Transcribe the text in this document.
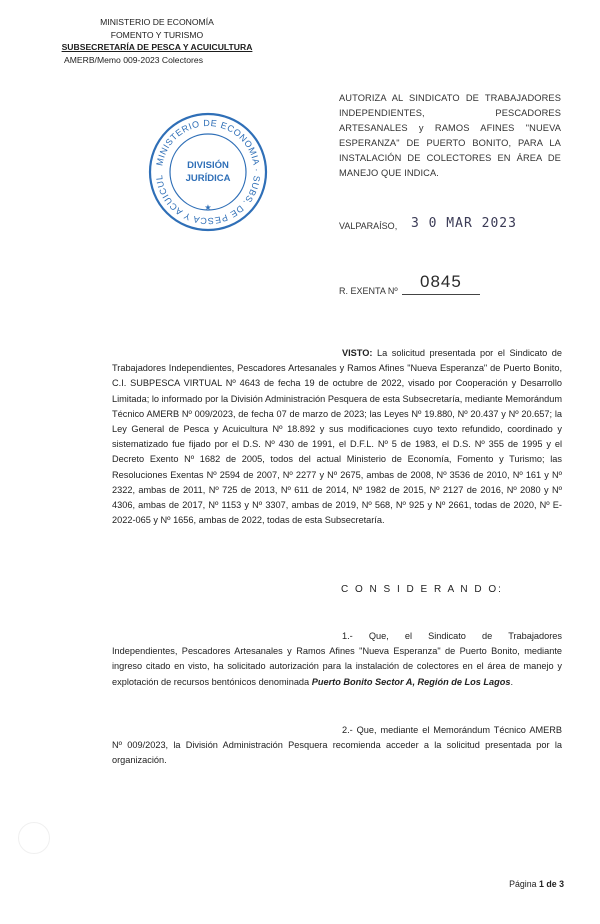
MINISTERIO DE ECONOMÍA
FOMENTO Y TURISMO
SUBSECRETARÍA DE PESCA Y ACUICULTURA
AMERB/Memo 009-2023 Colectores
MINISTERIO DE ECONOMIA · SUBS. DE PESCA Y ACUICUL
DIVISIÓN
JURÍDICA
★
AUTORIZA AL SINDICATO DE TRABAJADORES INDEPENDIENTES, PESCADORES ARTESANALES y RAMOS AFINES "NUEVA ESPERANZA" DE PUERTO BONITO, PARA LA INSTALACIÓN DE COLECTORES EN ÁREA DE MANEJO QUE INDICA.
VALPARAÍSO, 3 0 MAR 2023
R. EXENTA Nº 0845
VISTO: La solicitud presentada por el Sindicato de Trabajadores Independientes, Pescadores Artesanales y Ramos Afines "Nueva Esperanza" de Puerto Bonito, C.I. SUBPESCA VIRTUAL Nº 4643 de fecha 19 de octubre de 2022, visado por Cooperación y Desarrollo Limitada; lo informado por la División Administración Pesquera de esta Subsecretaría, mediante Memorándum Técnico AMERB Nº 009/2023, de fecha 07 de marzo de 2023; las Leyes Nº 19.880, Nº 20.437 y Nº 20.657; la Ley General de Pesca y Acuicultura Nº 18.892 y sus modificaciones cuyo texto refundido, coordinado y sistematizado fue fijado por el D.S. Nº 430 de 1991, el D.F.L. Nº 5 de 1983, el D.S. Nº 355 de 1995 y el Decreto Exento Nº 1682 de 2005, todos del actual Ministerio de Economía, Fomento y Turismo; las Resoluciones Exentas Nº 2594 de 2007, Nº 2277 y Nº 2675, ambas de 2008, Nº 3536 de 2010, Nº 161 y Nº 2322, ambas de 2011, Nº 725 de 2013, Nº 611 de 2014, Nº 1982 de 2015, Nº 2127 de 2016, Nº 2080 y Nº 4306, ambas de 2017, Nº 1153 y Nº 3307, ambas de 2019, Nº 568, Nº 925 y Nº 2661, todas de 2020, Nº E-2022-065 y Nº 1656, ambas de 2022, todas de esta Subsecretaría.
C O N S I D E R A N D O:
1.- Que, el Sindicato de Trabajadores Independientes, Pescadores Artesanales y Ramos Afines "Nueva Esperanza" de Puerto Bonito, mediante ingreso citado en visto, ha solicitado autorización para la instalación de colectores en el área de manejo y explotación de recursos bentónicos denominada Puerto Bonito Sector A, Región de Los Lagos.
2.- Que, mediante el Memorándum Técnico AMERB Nº 009/2023, la División Administración Pesquera recomienda acceder a la solicitud presentada por la organización.
Página 1 de 3
